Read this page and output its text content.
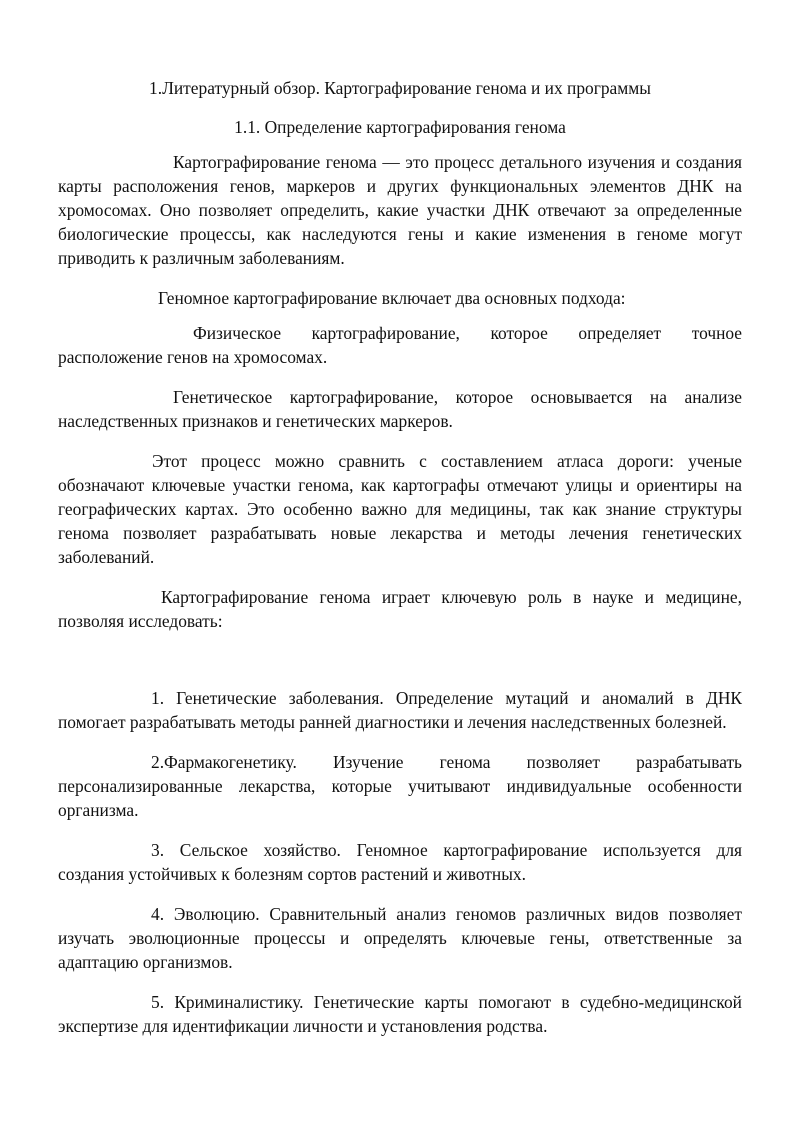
1.Литературный обзор. Картографирование генома и их программы

1.1. Определение картографирования генома

Картографирование генома — это процесс детального изучения и создания карты расположения генов, маркеров и других функциональных элементов ДНК на хромосомах. Оно позволяет определить, какие участки ДНК отвечают за определенные биологические процессы, как наследуются гены и какие изменения в геноме могут приводить к различным заболеваниям.

Геномное картографирование включает два основных подхода:

Физическое картографирование, которое определяет точное расположение генов на хромосомах.

Генетическое картографирование, которое основывается на анализе наследственных признаков и генетических маркеров.

Этот процесс можно сравнить с составлением атласа дороги: ученые обозначают ключевые участки генома, как картографы отмечают улицы и ориентиры на географических картах. Это особенно важно для медицины, так как знание структуры генома позволяет разрабатывать новые лекарства и методы лечения генетических заболеваний.

Картографирование генома играет ключевую роль в науке и медицине, позволяя исследовать:

1. Генетические заболевания. Определение мутаций и аномалий в ДНК помогает разрабатывать методы ранней диагностики и лечения наследственных болезней.

2.Фармакогенетику. Изучение генома позволяет разрабатывать персонализированные лекарства, которые учитывают индивидуальные особенности организма.

3. Сельское хозяйство. Геномное картографирование используется для создания устойчивых к болезням сортов растений и животных.

4. Эволюцию. Сравнительный анализ геномов различных видов позволяет изучать эволюционные процессы и определять ключевые гены, ответственные за адаптацию организмов.

5. Криминалистику. Генетические карты помогают в судебно-медицинской экспертизе для идентификации личности и установления родства.
